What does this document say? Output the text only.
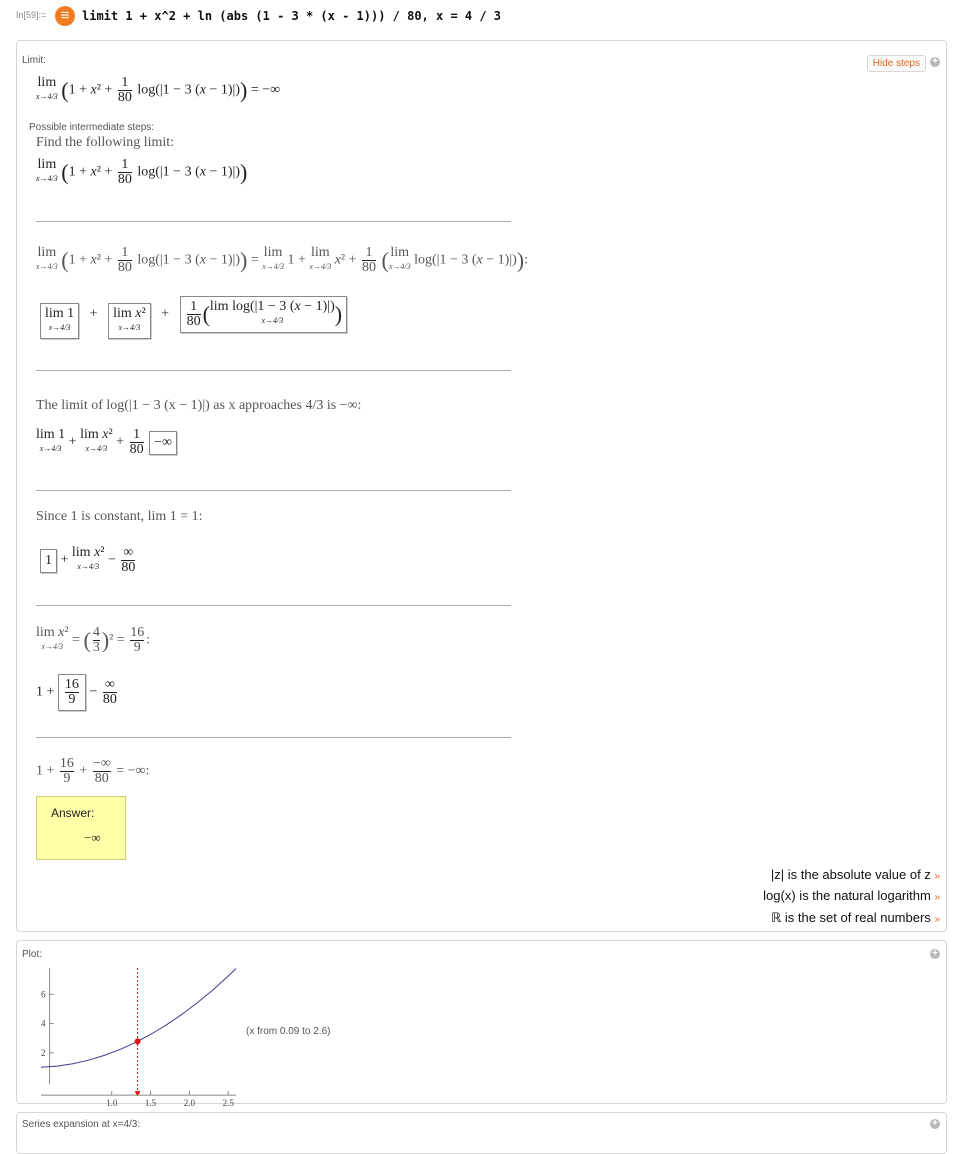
In[59]:= ≡	limit 1 + x^2 + ln (abs (1 - 3 * (x - 1))) / 80, x = 4 / 3
Limit:	Hide steps	+
lim
x→4/3 ($1 + x^2 + \frac{1}{80} \log(|1 - 3$ (x − 1)|)) = −∞
Possible intermediate steps:
Find the following limit:
lim
x→4/3 ($1 + x^2 + \frac{1}{80} \log(|1 - 3$ (x − 1)|))
lim
x→4/3 ($1 + x^2 + \frac{1}{80} \log(|1 - 3$ (x − 1)|)) = lim
x→4/3 1 + lim
x→4/3 $x^2 + \frac{1}{80}$ ( lim
x→4/3 log(|1 − 3 (x − 1)|)):
lim 1
x→4/3
+   lim x²
x→4/3
+ $\frac{1}{80} (\lim$ log(|1 − 3 (x − 1)|)
x→4/3	)
The limit of log(|1 − 3 (x − 1)|) as x approaches 4/3 is −∞:
lim 1
x→4/3 + lim x²
$x\to 4/3 + \frac{1}{80}$ −∞
Since 1 is constant, lim 1 = 1:
1 + lim x²
$x\to 4/3 - \frac{\infty}{80}$
lim x²
x→4/3 = ( $\frac{4}{3} )^2 = \frac{16}{9}$ :
$1 + \frac{16}{9} - \frac{\infty}{80}$
$1 + \frac{16}{9} + \frac{-\infty}{80}$ = −∞:
Answer:
−∞
|z| is the absolute value of z »
log(x) is the natural logarithm »
ℝ is the set of real numbers »
Plot:	+
(x from 0.09 to 2.6)
1.0	1.5	2.0	2.5
2
4
6
Series expansion at x=4/3:	+
